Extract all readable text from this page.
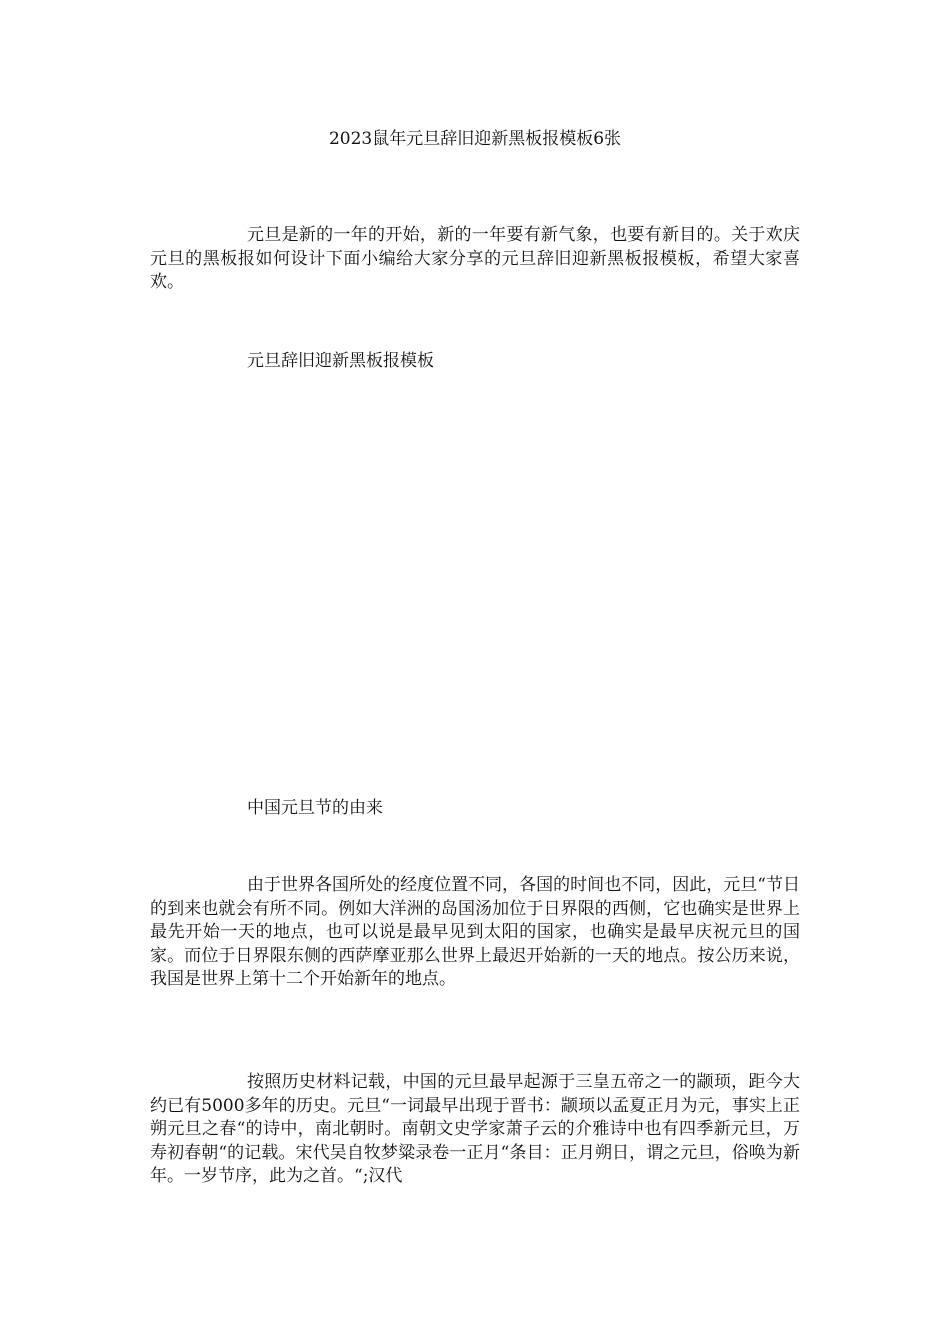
2023鼠年元旦辞旧迎新黑板报模板6张

元旦是新的一年的开始，新的一年要有新气象，也要有新目的。关于欢庆元旦的黑板报如何设计下面小编给大家分享的元旦辞旧迎新黑板报模板，希望大家喜欢。

元旦辞旧迎新黑板报模板

中国元旦节的由来

由于世界各国所处的经度位置不同，各国的时间也不同，因此，元旦“节日的到来也就会有所不同。例如大洋洲的岛国汤加位于日界限的西侧，它也确实是世界上最先开始一天的地点，也可以说是最早见到太阳的国家，也确实是最早庆祝元旦的国家。而位于日界限东侧的西萨摩亚那么世界上最迟开始新的一天的地点。按公历来说，我国是世界上第十二个开始新年的地点。

按照历史材料记载，中国的元旦最早起源于三皇五帝之一的颛顼，距今大约已有5000多年的历史。元旦“一词最早出现于晋书：颛顼以孟夏正月为元，事实上正朔元旦之春“的诗中，南北朝时。南朝文史学家萧子云的介雅诗中也有四季新元旦，万寿初春朝“的记载。宋代吴自牧梦粱录卷一正月“条目：正月朔日，谓之元旦，俗唤为新年。一岁节序，此为之首。“;汉代
